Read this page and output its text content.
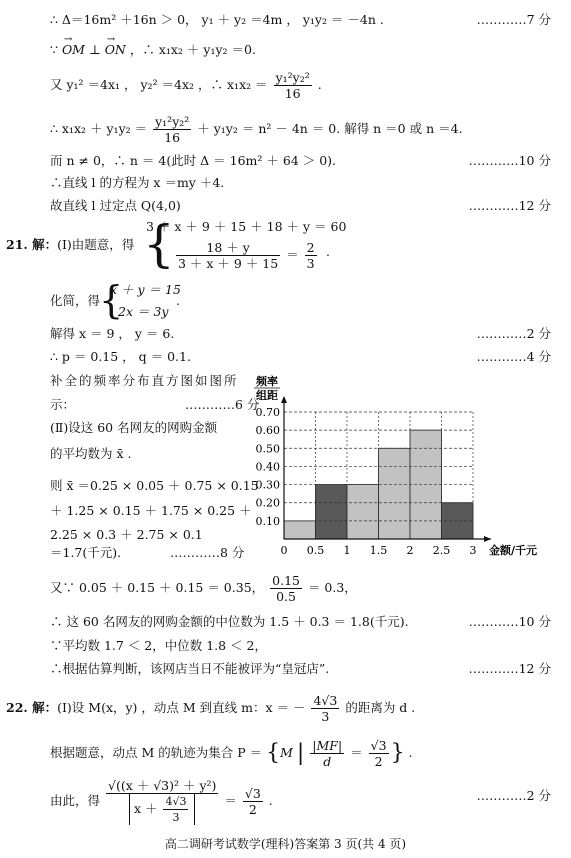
∴ Δ＝16m² ＋16n ＞ 0， y₁ ＋ y₂ ＝4m ， y₁y₂ ＝ －4n .	…………7 分
∵ → OM ⊥ → ON ，∴ x₁x₂ ＋ y₁y₂ ＝0.
又 y₁² ＝4x₁ ， y₂² ＝4x₂ ，∴ $x_1x_2 = \frac{\text{y₁²y₂²}}{16}$ .
∴ $x_1x_2 + y_1y_2 = \frac{\text{y₁²y₂²}}{16} + y_1y_2 = n^2 - 4n = 0$. 解得 n ＝0 或 n ＝4.
而 n ≠ 0，∴ n ＝ 4(此时 Δ ＝ 16m² ＋ 64 ＞ 0).	…………10 分
∴直线 l 的方程为 x ＝my ＋4.
故直线 l 过定点 Q(4,0)	…………12 分
21. 解：(Ⅰ)由题意，得 {
3 ＋ x ＋ 9 ＋ 15 ＋ 18 ＋ y ＝ 60
$\frac{18 + y}{3 + x + 9 + 15} = \frac{2}{3}$ .
化简，得
{
x ＋ y ＝ 15
2x ＝ 3y
.
解得 x ＝ 9 ， y ＝ 6.	…………2 分
∴ p ＝ 0.15 ， q ＝ 0.1.	…………4 分
补全的频率分布直方图如图所
示：	…………6 分
(Ⅱ)设这 60 名网友的网购金额
的平均数为 x̄ .
则 x̄ ＝0.25 × 0.05 ＋ 0.75 × 0.15
＋ 1.25 × 0.15 ＋ 1.75 × 0.25 ＋
2.25 × 0.3 ＋ 2.75 × 0.1
＝1.7(千元).	…………8 分
0.10
0.20
0.30
0.40
0.50
0.60
0.70
0 0.5 1 1.5 2 2.5 3
频率
组距
金额/千元
又∵ 0.05 ＋ 0.15 ＋ 0.15 ＝ 0.35， $\frac{0.15}{0.5} = 0.3$，
∴ 这 60 名网友的网购金额的中位数为 1.5 ＋ 0.3 ＝ 1.8(千元).	…………10 分
∵平均数 1.7 ＜ 2，中位数 1.8 ＜ 2，
∴根据估算判断，该网店当日不能被评为“皇冠店”.	…………12 分
22. 解：(Ⅰ)设 M(x，y) ，动点 M 到直线 m：x ＝ － $\frac{4√3}{3}$ 的距离为 d .
根据题意，动点 M 的轨迹为集合 P ＝ {M | $\frac{|MF|}{d} = \frac{√3}{2}$ } .
由此，得 $\frac{\text{√((x ＋ √3)² ＋ y²)}}{x + \frac{4√3}{3}} = \frac{√3}{2}$ .	…………2 分
高二调研考试数学(理科)答案第 3 页(共 4 页)
